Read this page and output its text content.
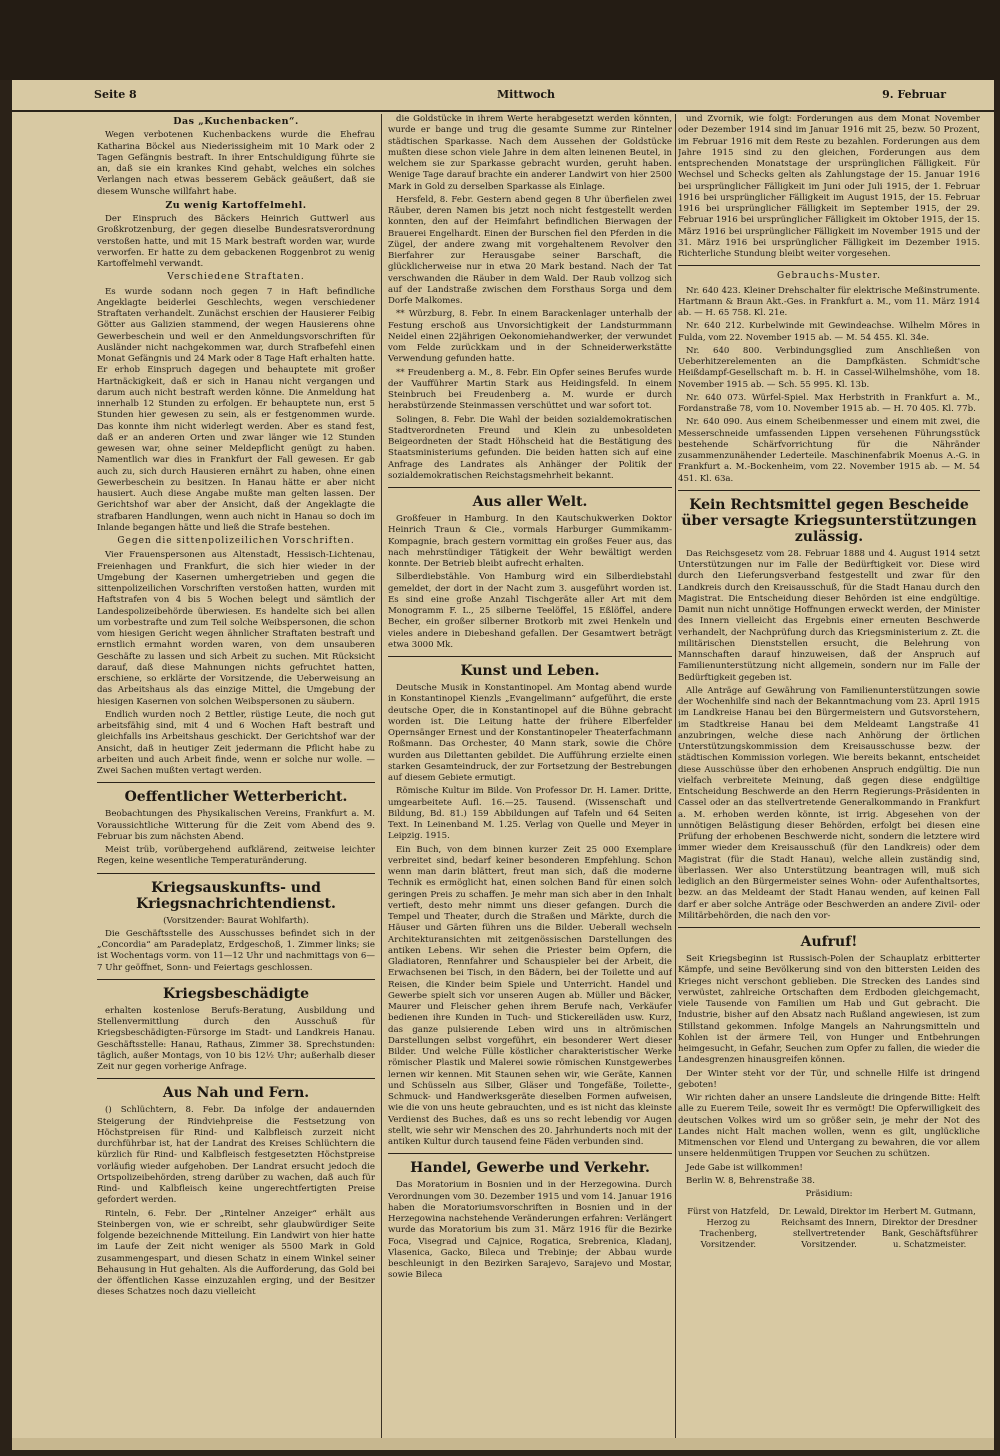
Seite 8	Mittwoch	9. Februar
Das „Kuchenbacken“.

Wegen verbotenen Kuchenbackens wurde die Ehefrau Katharina Böckel aus Niederissigheim mit 10 Mark oder 2 Tagen Gefängnis bestraft. In ihrer Entschuldigung führte sie an, daß sie ein krankes Kind gehabt, welches ein solches Verlangen nach etwas besserem Gebäck geäußert, daß sie diesem Wunsche willfahrt habe.

Zu wenig Kartoffelmehl.

Der Einspruch des Bäckers Heinrich Guttwerl aus Großkrotzenburg, der gegen dieselbe Bundesratsverordnung verstoßen hatte, und mit 15 Mark bestraft worden war, wurde verworfen. Er hatte zu dem gebackenen Roggenbrot zu wenig Kartoffelmehl verwandt.

Verschiedene Straftaten.

Es wurde sodann noch gegen 7 in Haft befindliche Angeklagte beiderlei Geschlechts, wegen verschiedener Straftaten verhandelt. Zunächst erschien der Hausierer Feibig Götter aus Galizien stammend, der wegen Hausierens ohne Gewerbeschein und weil er den Anmeldungsvorschriften für Ausländer nicht nachgekommen war, durch Strafbefehl einen Monat Gefängnis und 24 Mark oder 8 Tage Haft erhalten hatte. Er erhob Einspruch dagegen und behauptete mit großer Hartnäckigkeit, daß er sich in Hanau nicht vergangen und darum auch nicht bestraft werden könne. Die Anmeldung hat innerhalb 12 Stunden zu erfolgen. Er behauptete nun, erst 5 Stunden hier gewesen zu sein, als er festgenommen wurde. Das konnte ihm nicht widerlegt werden. Aber es stand fest, daß er an anderen Orten und zwar länger wie 12 Stunden gewesen war, ohne seiner Meldepflicht genügt zu haben. Namentlich war dies in Frankfurt der Fall gewesen. Er gab auch zu, sich durch Hausieren ernährt zu haben, ohne einen Gewerbeschein zu besitzen. In Hanau hätte er aber nicht hausiert. Auch diese Angabe mußte man gelten lassen. Der Gerichtshof war aber der Ansicht, daß der Angeklagte die strafbaren Handlungen, wenn auch nicht in Hanau so doch im Inlande begangen hätte und ließ die Strafe bestehen.

Gegen die sittenpolizeilichen Vorschriften.

Vier Frauenspersonen aus Altenstadt, Hessisch-Lichtenau, Freienhagen und Frankfurt, die sich hier wieder in der Umgebung der Kasernen umhergetrieben und gegen die sittenpolizeilichen Vorschriften verstoßen hatten, wurden mit Haftstrafen von 4 bis 5 Wochen belegt und sämtlich der Landespolizeibehörde überwiesen. Es handelte sich bei allen um vorbestrafte und zum Teil solche Weibspersonen, die schon vom hiesigen Gericht wegen ähnlicher Straftaten bestraft und ernstlich ermahnt worden waren, von dem unsauberen Geschäfte zu lassen und sich Arbeit zu suchen. Mit Rücksicht darauf, daß diese Mahnungen nichts gefruchtet hatten, erschiene, so erklärte der Vorsitzende, die Ueberweisung an das Arbeitshaus als das einzige Mittel, die Umgebung der hiesigen Kasernen von solchen Weibspersonen zu säubern.

Endlich wurden noch 2 Bettler, rüstige Leute, die noch gut arbeitsfähig sind, mit 4 und 6 Wochen Haft bestraft und gleichfalls ins Arbeitshaus geschickt. Der Gerichtshof war der Ansicht, daß in heutiger Zeit jedermann die Pflicht habe zu arbeiten und auch Arbeit finde, wenn er solche nur wolle. — Zwei Sachen mußten vertagt werden.

Oeffentlicher Wetterbericht.

Beobachtungen des Physikalischen Vereins, Frankfurt a. M. Voraussichtliche Witterung für die Zeit vom Abend des 9. Februar bis zum nächsten Abend.

Meist trüb, vorübergehend aufklärend, zeitweise leichter Regen, keine wesentliche Temperaturänderung.

Kriegsauskunfts- und Kriegsnachrichtendienst.
(Vorsitzender: Baurat Wohlfarth).

Die Geschäftsstelle des Ausschusses befindet sich in der „Concordia“ am Paradeplatz, Erdgeschoß, 1. Zimmer links; sie ist Wochentags vorm. von 11—12 Uhr und nachmittags von 6—7 Uhr geöffnet, Sonn- und Feiertags geschlossen.

Kriegsbeschädigte

erhalten kostenlose Berufs-Beratung, Ausbildung und Stellenvermittlung durch den Ausschuß für Kriegsbeschädigten-Fürsorge im Stadt- und Landkreis Hanau. Geschäftsstelle: Hanau, Rathaus, Zimmer 38. Sprechstunden: täglich, außer Montags, von 10 bis 12½ Uhr; außerhalb dieser Zeit nur gegen vorherige Anfrage.

Aus Nah und Fern.

() Schlüchtern, 8. Febr. Da infolge der andauernden Steigerung der Rindviehpreise die Festsetzung von Höchstpreisen für Rind- und Kalbfleisch zurzeit nicht durchführbar ist, hat der Landrat des Kreises Schlüchtern die kürzlich für Rind- und Kalbfleisch festgesetzten Höchstpreise vorläufig wieder aufgehoben. Der Landrat ersucht jedoch die Ortspolizeibehörden, streng darüber zu wachen, daß auch für Rind- und Kalbfleisch keine ungerechtfertigten Preise gefordert werden.

Rinteln, 6. Febr. Der „Rintelner Anzeiger“ erhält aus Steinbergen von, wie er schreibt, sehr glaubwürdiger Seite folgende bezeichnende Mitteilung. Ein Landwirt von hier hatte im Laufe der Zeit nicht weniger als 5500 Mark in Gold zusammengespart, und diesen Schatz in einem Winkel seiner Behausung in Hut gehalten. Als die Aufforderung, das Gold bei der öffentlichen Kasse einzuzahlen erging, und der Besitzer dieses Schatzes noch dazu vielleicht

die Goldstücke in ihrem Werte herabgesetzt werden könnten, wurde er bange und trug die gesamte Summe zur Rintelner städtischen Sparkasse. Nach dem Aussehen der Goldstücke mußten diese schon viele Jahre in dem alten leinenen Beutel, in welchem sie zur Sparkasse gebracht wurden, geruht haben. Wenige Tage darauf brachte ein anderer Landwirt von hier 2500 Mark in Gold zu derselben Sparkasse als Einlage.

Hersfeld, 8. Febr. Gestern abend gegen 8 Uhr überfielen zwei Räuber, deren Namen bis jetzt noch nicht festgestellt werden konnten, den auf der Heimfahrt befindlichen Bierwagen der Brauerei Engelhardt. Einen der Burschen fiel den Pferden in die Zügel, der andere zwang mit vorgehaltenem Revolver den Bierfahrer zur Herausgabe seiner Barschaft, die glücklicherweise nur in etwa 20 Mark bestand. Nach der Tat verschwanden die Räuber in dem Wald. Der Raub vollzog sich auf der Landstraße zwischen dem Forsthaus Sorga und dem Dorfe Malkomes.

** Würzburg, 8. Febr. In einem Barackenlager unterhalb der Festung erschoß aus Unvorsichtigkeit der Landsturmmann Neidel einen 22jährigen Oekonomiehandwerker, der verwundet vom Felde zurückkam und in der Schneiderwerkstätte Verwendung gefunden hatte.

** Freudenberg a. M., 8. Febr. Ein Opfer seines Berufes wurde der Vaufführer Martin Stark aus Heidingsfeld. In einem Steinbruch bei Freudenberg a. M. wurde er durch herabstürzende Steinmassen verschüttet und war sofort tot.

Solingen, 8. Febr. Die Wahl der beiden sozialdemokratischen Stadtverordneten Freund und Klein zu unbesoldeten Beigeordneten der Stadt Höhscheid hat die Bestätigung des Staatsministeriums gefunden. Die beiden hatten sich auf eine Anfrage des Landrates als Anhänger der Politik der sozialdemokratischen Reichstagsmehrheit bekannt.

Aus aller Welt.

Großfeuer in Hamburg. In den Kautschukwerken Doktor Heinrich Traun & Cie., vormals Harburger Gummikamm-Kompagnie, brach gestern vormittag ein großes Feuer aus, das nach mehrstündiger Tätigkeit der Wehr bewältigt werden konnte. Der Betrieb bleibt aufrecht erhalten.

Silberdiebstähle. Von Hamburg wird ein Silberdiebstahl gemeldet, der dort in der Nacht zum 3. ausgeführt worden ist. Es sind eine große Anzahl Tischgeräte aller Art mit dem Monogramm F. L., 25 silberne Teelöffel, 15 Eßlöffel, andere Becher, ein großer silberner Brotkorb mit zwei Henkeln und vieles andere in Diebeshand gefallen. Der Gesamtwert beträgt etwa 3000 Mk.

Kunst und Leben.

Deutsche Musik in Konstantinopel. Am Montag abend wurde in Konstantinopel Kienzls „Evangelimann“ aufgeführt, die erste deutsche Oper, die in Konstantinopel auf die Bühne gebracht worden ist. Die Leitung hatte der frühere Elberfelder Opernsänger Ernest und der Konstantinopeler Theaterfachmann Roßmann. Das Orchester, 40 Mann stark, sowie die Chöre wurden aus Dilettanten gebildet. Die Aufführung erzielte einen starken Gesamteindruck, der zur Fortsetzung der Bestrebungen auf diesem Gebiete ermutigt.

Römische Kultur im Bilde. Von Professor Dr. H. Lamer. Dritte, umgearbeitete Aufl. 16.—25. Tausend. (Wissenschaft und Bildung, Bd. 81.) 159 Abbildungen auf Tafeln und 64 Seiten Text. In Leinenband M. 1.25. Verlag von Quelle und Meyer in Leipzig. 1915.

Ein Buch, von dem binnen kurzer Zeit 25 000 Exemplare verbreitet sind, bedarf keiner besonderen Empfehlung. Schon wenn man darin blättert, freut man sich, daß die moderne Technik es ermöglicht hat, einen solchen Band für einen solch geringen Preis zu schaffen. Je mehr man sich aber in den Inhalt vertieft, desto mehr nimmt uns dieser gefangen. Durch die Tempel und Theater, durch die Straßen und Märkte, durch die Häuser und Gärten führen uns die Bilder. Ueberall wechseln Architekturansichten mit zeitgenössischen Darstellungen des antiken Lebens. Wir sehen die Priester beim Opfern, die Gladiatoren, Rennfahrer und Schauspieler bei der Arbeit, die Erwachsenen bei Tisch, in den Bädern, bei der Toilette und auf Reisen, die Kinder beim Spiele und Unterricht. Handel und Gewerbe spielt sich vor unseren Augen ab. Müller und Bäcker, Maurer und Fleischer gehen ihrem Berufe nach, Verkäufer bedienen ihre Kunden in Tuch- und Stickereiläden usw. Kurz, das ganze pulsierende Leben wird uns in altrömischen Darstellungen selbst vorgeführt, ein besonderer Wert dieser Bilder. Und welche Fülle köstlicher charakteristischer Werke römischer Plastik und Malerei sowie römischen Kunstgewerbes lernen wir kennen. Mit Staunen sehen wir, wie Geräte, Kannen und Schüsseln aus Silber, Gläser und Tongefäße, Toilette-, Schmuck- und Handwerksgeräte dieselben Formen aufweisen, wie die von uns heute gebrauchten, und es ist nicht das kleinste Verdienst des Buches, daß es uns so recht lebendig vor Augen stellt, wie sehr wir Menschen des 20. Jahrhunderts noch mit der antiken Kultur durch tausend feine Fäden verbunden sind.

Handel, Gewerbe und Verkehr.

Das Moratorium in Bosnien und in der Herzegowina. Durch Verordnungen vom 30. Dezember 1915 und vom 14. Januar 1916 haben die Moratoriumsvorschriften in Bosnien und in der Herzegowina nachstehende Veränderungen erfahren: Verlängert wurde das Moratorium bis zum 31. März 1916 für die Bezirke Foca, Visegrad und Cajnice, Rogatica, Srebrenica, Kladanj, Vlasenica, Gacko, Bileca und Trebinje; der Abbau wurde beschleunigt in den Bezirken Sarajevo, Sarajevo und Mostar, sowie Bileca

und Zvornik, wie folgt: Forderungen aus dem Monat November oder Dezember 1914 sind im Januar 1916 mit 25, bezw. 50 Prozent, im Februar 1916 mit dem Reste zu bezahlen. Forderungen aus dem Jahre 1915 sind zu den gleichen, Forderungen aus dem entsprechenden Monatstage der ursprünglichen Fälligkeit. Für Wechsel und Schecks gelten als Zahlungstage der 15. Januar 1916 bei ursprünglicher Fälligkeit im Juni oder Juli 1915, der 1. Februar 1916 bei ursprünglicher Fälligkeit im August 1915, der 15. Februar 1916 bei ursprünglicher Fälligkeit im September 1915, der 29. Februar 1916 bei ursprünglicher Fälligkeit im Oktober 1915, der 15. März 1916 bei ursprünglicher Fälligkeit im November 1915 und der 31. März 1916 bei ursprünglicher Fälligkeit im Dezember 1915. Richterliche Stundung bleibt weiter vorgesehen.

Gebrauchs-Muster.

Nr. 640 423. Kleiner Drehschalter für elektrische Meßinstrumente. Hartmann & Braun Akt.-Ges. in Frankfurt a. M., vom 11. März 1914 ab. — H. 65 758. Kl. 21e.

Nr. 640 212. Kurbelwinde mit Gewindeachse. Wilhelm Möres in Fulda, vom 22. November 1915 ab. — M. 54 455. Kl. 34e.

Nr. 640 800. Verbindungsglied zum Anschließen von Ueberhitzerelementen an die Dampfkästen. Schmidt'sche Heißdampf-Gesellschaft m. b. H. in Cassel-Wilhelmshöhe, vom 18. November 1915 ab. — Sch. 55 995. Kl. 13b.

Nr. 640 073. Würfel-Spiel. Max Herbstrith in Frankfurt a. M., Fordanstraße 78, vom 10. November 1915 ab. — H. 70 405. Kl. 77b.

Nr. 640 090. Aus einem Scheibenmesser und einem mit zwei, die Messerschneide umfassenden Lippen versehenen Führungsstück bestehende Schärfvorrichtung für die Nähränder zusammenzunähender Lederteile. Maschinenfabrik Moenus A.-G. in Frankfurt a. M.-Bockenheim, vom 22. November 1915 ab. — M. 54 451. Kl. 63a.

Kein Rechtsmittel gegen Bescheide über versagte Kriegsunterstützungen zulässig.

Das Reichsgesetz vom 28. Februar 1888 und 4. August 1914 setzt Unterstützungen nur im Falle der Bedürftigkeit vor. Diese wird durch den Lieferungsverband festgestellt und zwar für den Landkreis durch den Kreisausschuß, für die Stadt Hanau durch den Magistrat. Die Entscheidung dieser Behörden ist eine endgültige. Damit nun nicht unnötige Hoffnungen erweckt werden, der Minister des Innern vielleicht das Ergebnis einer erneuten Beschwerde verhandelt, der Nachprüfung durch das Kriegsministerium z. Zt. die militärischen Dienststellen ersucht, die Belehrung von Mannschaften darauf hinzuweisen, daß der Anspruch auf Familienunterstützung nicht allgemein, sondern nur im Falle der Bedürftigkeit gegeben ist.

Alle Anträge auf Gewährung von Familienunterstützungen sowie der Wochenhilfe sind nach der Bekanntmachung vom 23. April 1915 im Landkreise Hanau bei den Bürgermeistern und Gutsvorstehern, im Stadtkreise Hanau bei dem Meldeamt Langstraße 41 anzubringen, welche diese nach Anhörung der örtlichen Unterstützungskommission dem Kreisausschusse bezw. der städtischen Kommission vorlegen. Wie bereits bekannt, entscheidet diese Ausschüsse über den erhobenen Anspruch endgültig. Die nun vielfach verbreitete Meinung, daß gegen diese endgültige Entscheidung Beschwerde an den Herrn Regierungs-Präsidenten in Cassel oder an das stellvertretende Generalkommando in Frankfurt a. M. erhoben werden könnte, ist irrig. Abgesehen von der unnötigen Belästigung dieser Behörden, erfolgt bei diesen eine Prüfung der erhobenen Beschwerde nicht, sondern die letztere wird immer wieder dem Kreisausschuß (für den Landkreis) oder dem Magistrat (für die Stadt Hanau), welche allein zuständig sind, überlassen. Wer also Unterstützung beantragen will, muß sich lediglich an den Bürgermeister seines Wohn- oder Aufenthaltsortes, bezw. an das Meldeamt der Stadt Hanau wenden, auf keinen Fall darf er aber solche Anträge oder Beschwerden an andere Zivil- oder Militärbehörden, die nach den vor-

Aufruf!

Seit Kriegsbeginn ist Russisch-Polen der Schauplatz erbitterter Kämpfe, und seine Bevölkerung sind von den bittersten Leiden des Krieges nicht verschont geblieben. Die Strecken des Landes sind verwüstet, zahlreiche Ortschaften dem Erdboden gleichgemacht, viele Tausende von Familien um Hab und Gut gebracht. Die Industrie, bisher auf den Absatz nach Rußland angewiesen, ist zum Stillstand gekommen. Infolge Mangels an Nahrungsmitteln und Kohlen ist der ärmere Teil, von Hunger und Entbehrungen heimgesucht, in Gefahr, Seuchen zum Opfer zu fallen, die wieder die Landesgrenzen hinausgreifen können.

Der Winter steht vor der Tür, und schnelle Hilfe ist dringend geboten!

Wir richten daher an unsere Landsleute die dringende Bitte: Helft alle zu Euerem Teile, soweit Ihr es vermögt! Die Opferwilligkeit des deutschen Volkes wird um so größer sein, je mehr der Not des Landes nicht Halt machen wollen, wenn es gilt, unglückliche Mitmenschen vor Elend und Untergang zu bewahren, die vor allem unsere heldenmütigen Truppen vor Seuchen zu schützen.

Jede Gabe ist willkommen!

Berlin W. 8, Behrenstraße 38.

Präsidium:
Fürst von Hatzfeld, Herzog zu Trachenberg, Vorsitzender.
Dr. Lewald, Direktor im Reichsamt des Innern, stellvertretender Vorsitzender.
Herbert M. Gutmann, Direktor der Dresdner Bank, Geschäftsführer u. Schatzmeister.
